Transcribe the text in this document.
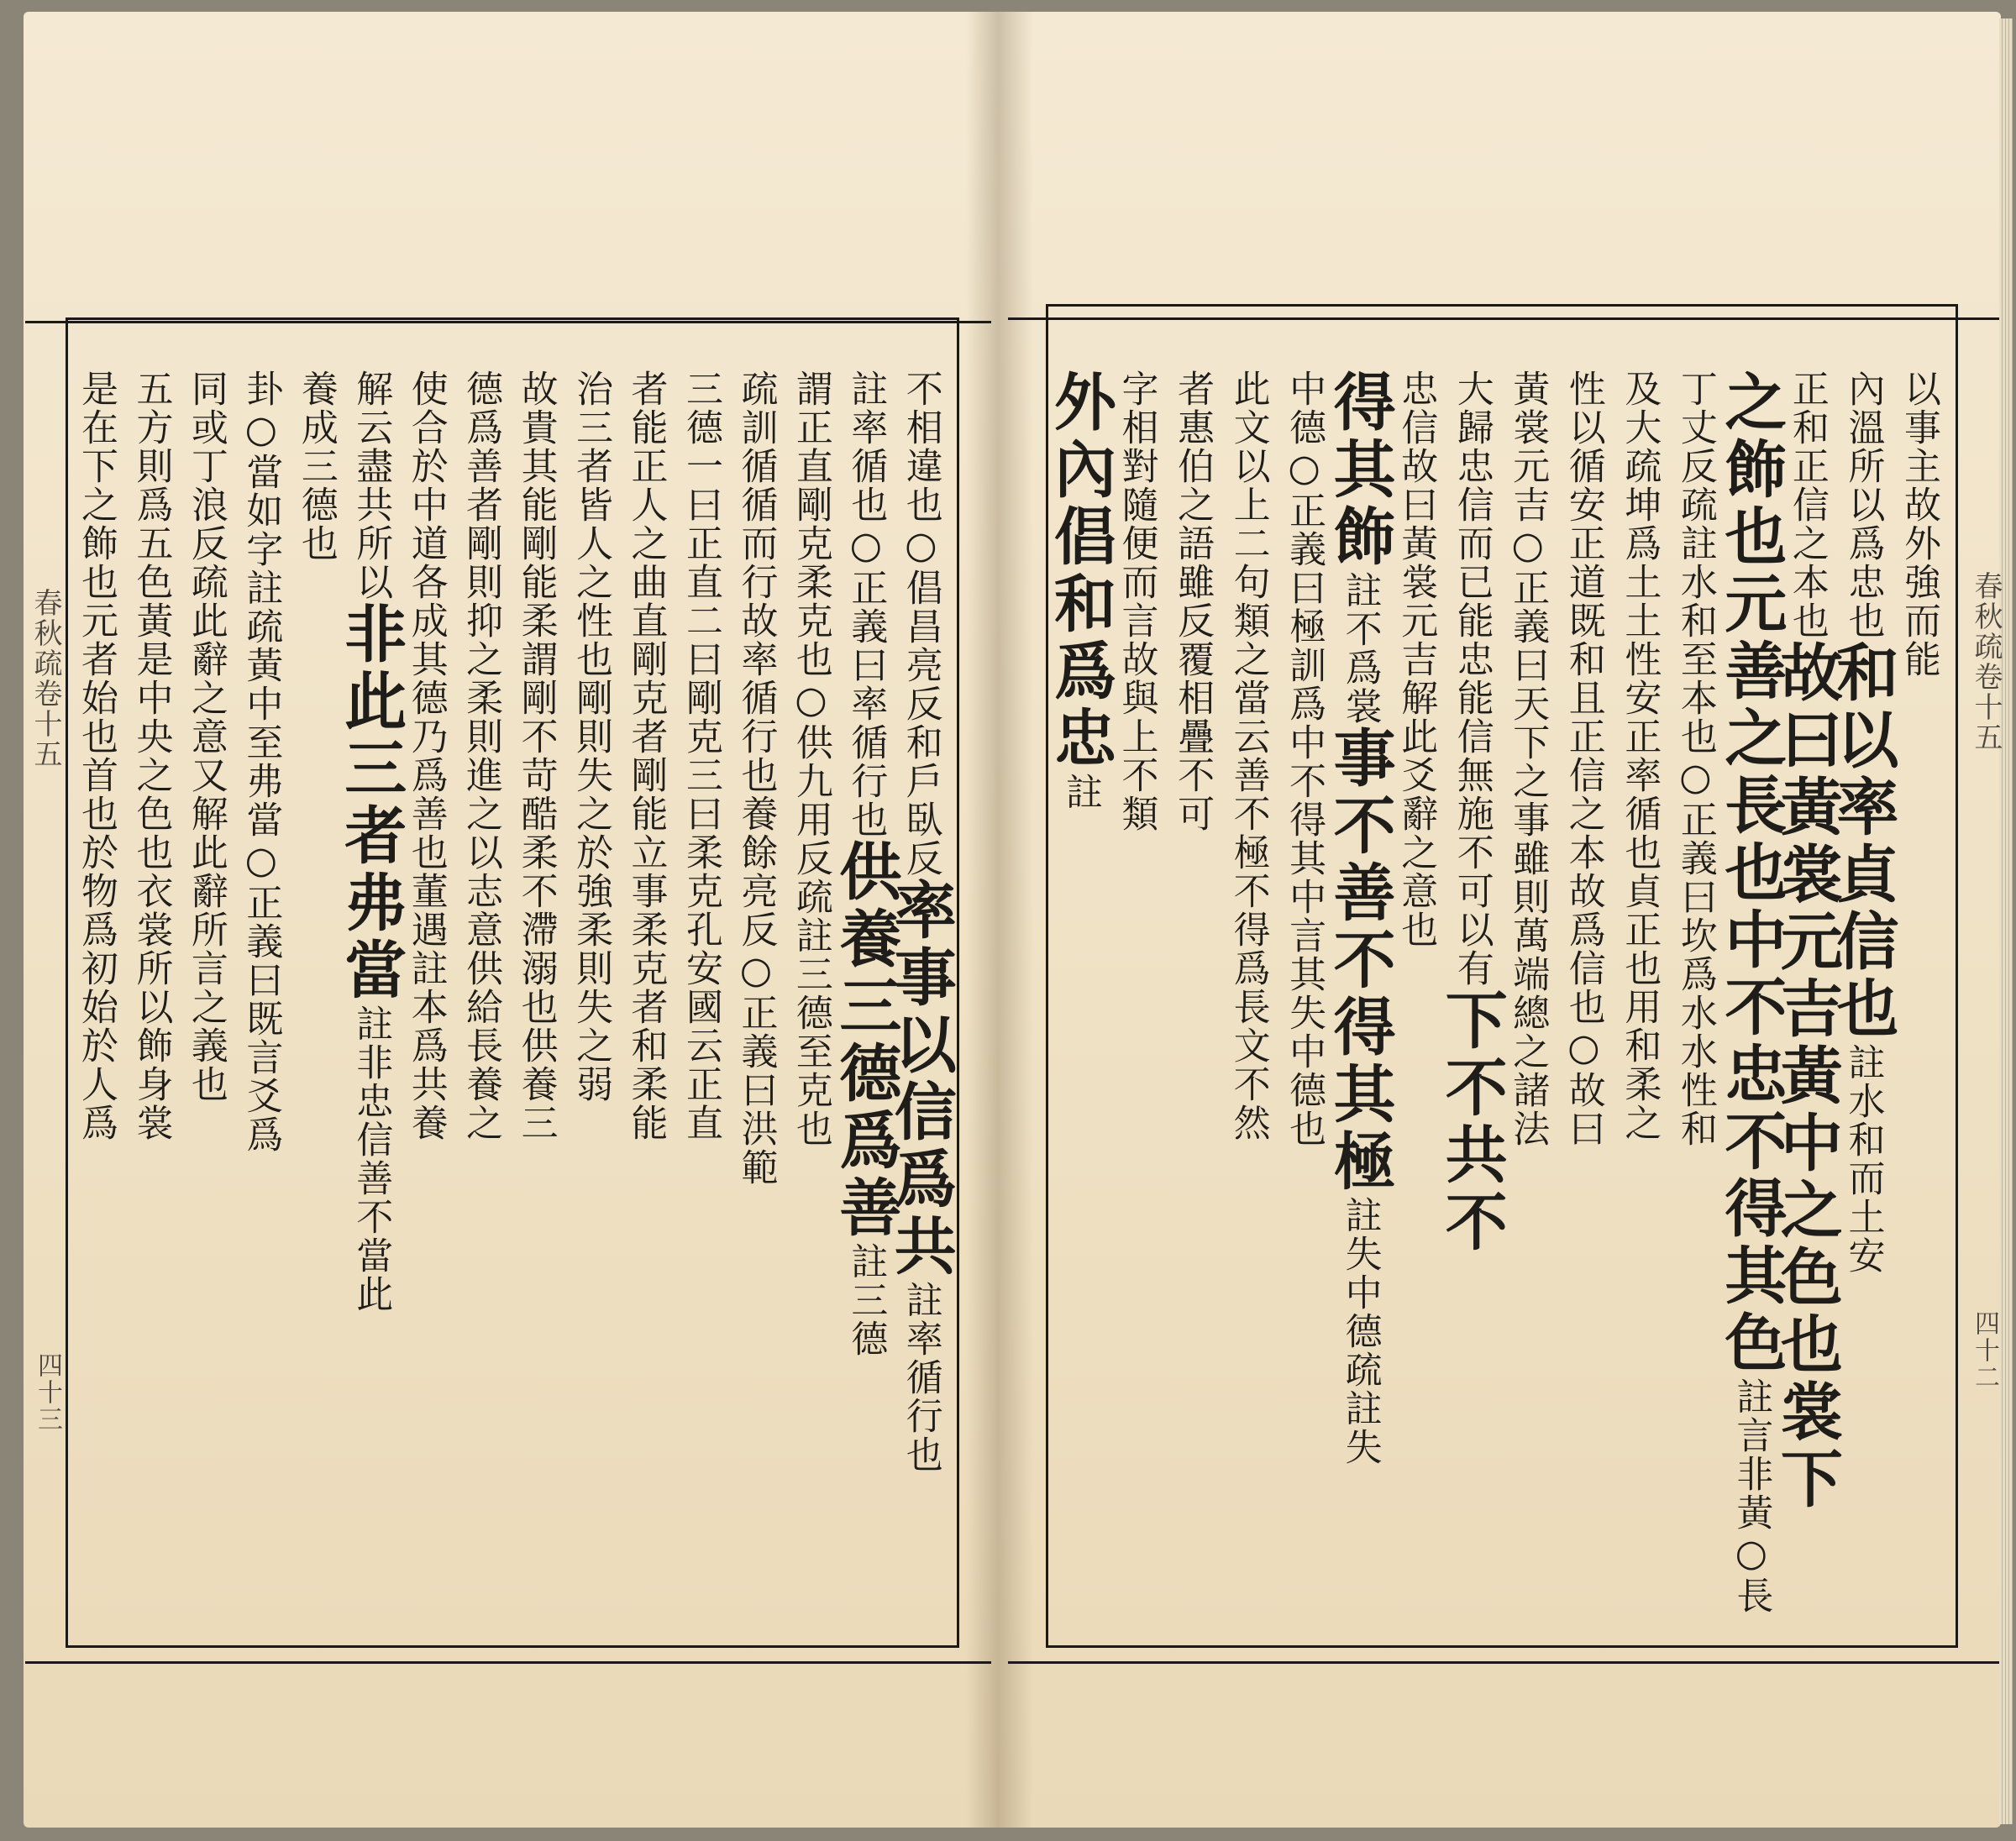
春秋疏卷十五
四十三
春秋疏卷十五
四十二
不相違也○倡昌亮反和戶臥反率事以信爲共註率循行也
註率循也○正義曰率循行也供養三德爲善註三德
謂正直剛克柔克也○供九用反疏註三德至克也
疏訓循循而行故率循行也養餘亮反○正義曰洪範
三德一曰正直二曰剛克三曰柔克孔安國云正直
者能正人之曲直剛克者剛能立事柔克者和柔能
治三者皆人之性也剛則失之於強柔則失之弱
故貴其能剛能柔謂剛不苛酷柔不滯溺也供養三
德爲善者剛則抑之柔則進之以志意供給長養之
使合於中道各成其德乃爲善也董遇註本爲共養
解云盡共所以非此三者弗當註非忠信善不當此
養成三德也
卦○當如字註疏黃中至弗當○正義曰既言爻爲
同或丁浪反疏此辭之意又解此辭所言之義也
五方則爲五色黃是中央之色也衣裳所以飾身裳
是在下之飾也元者始也首也於物爲初始於人爲	以事主故外強而能
內溫所以爲忠也和以率貞信也註水和而土安
正和正信之本也故曰黃裳元吉黃中之色也裳下
之飾也元善之長也中不忠不得其色註言非黃○長
丁丈反疏註水和至本也○正義曰坎爲水水性和
及大疏坤爲土土性安正率循也貞正也用和柔之
性以循安正道既和且正信之本故爲信也○故曰
黃裳元吉○正義曰天下之事雖則萬端總之諸法
大歸忠信而已能忠能信無施不可以有下不共不
忠信故曰黃裳元吉解此爻辭之意也
得其飾註不爲裳事不善不得其極註失中德疏註失
中德○正義曰極訓爲中不得其中言其失中德也
此文以上二句類之當云善不極不得爲長文不然
者惠伯之語雖反覆相疊不可
字相對隨便而言故與上不類
外內倡和爲忠註
